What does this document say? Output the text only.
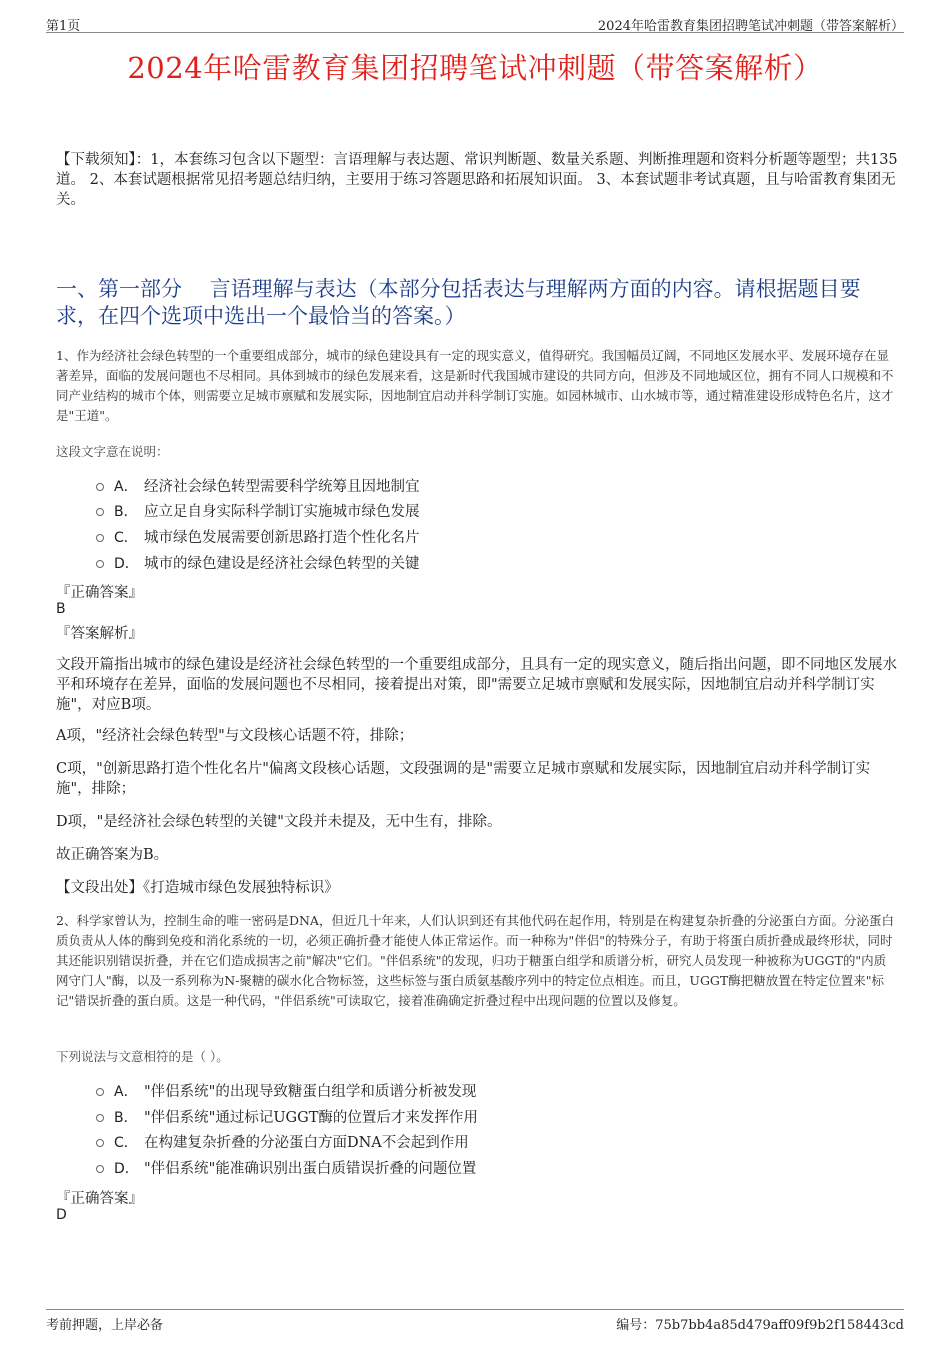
第1页	2024年哈雷教育集团招聘笔试冲刺题（带答案解析）
2024年哈雷教育集团招聘笔试冲刺题（带答案解析）
【下载须知】：1，本套练习包含以下题型：言语理解与表达题、常识判断题、数量关系题、判断推理题和资料分析题等题型；共135道。 2、本套试题根据常见招考题总结归纳，主要用于练习答题思路和拓展知识面。 3、本套试题非考试真题，且与哈雷教育集团无关。
一、第一部分　 言语理解与表达（本部分包括表达与理解两方面的内容。请根据题目要求，在四个选项中选出一个最恰当的答案。）
1、作为经济社会绿色转型的一个重要组成部分，城市的绿色建设具有一定的现实意义，值得研究。我国幅员辽阔，不同地区发展水平、发展环境存在显著差异，面临的发展问题也不尽相同。具体到城市的绿色发展来看，这是新时代我国城市建设的共同方向，但涉及不同地域区位，拥有不同人口规模和不同产业结构的城市个体，则需要立足城市禀赋和发展实际，因地制宜启动并科学制订实施。如园林城市、山水城市等，通过精准建设形成特色名片，这才是"王道"。
这段文字意在说明：
A． 经济社会绿色转型需要科学统筹且因地制宜
B． 应立足自身实际科学制订实施城市绿色发展
C． 城市绿色发展需要创新思路打造个性化名片
D． 城市的绿色建设是经济社会绿色转型的关键
『正确答案』
B
『答案解析』
文段开篇指出城市的绿色建设是经济社会绿色转型的一个重要组成部分，且具有一定的现实意义，随后指出问题，即不同地区发展水平和环境存在差异，面临的发展问题也不尽相同，接着提出对策，即"需要立足城市禀赋和发展实际，因地制宜启动并科学制订实施"，对应B项。
A项，"经济社会绿色转型"与文段核心话题不符，排除；
C项，"创新思路打造个性化名片"偏离文段核心话题，文段强调的是"需要立足城市禀赋和发展实际，因地制宜启动并科学制订实施"，排除；
D项，"是经济社会绿色转型的关键"文段并未提及，无中生有，排除。
故正确答案为B。
【文段出处】《打造城市绿色发展独特标识》
2、科学家曾认为，控制生命的唯一密码是DNA，但近几十年来，人们认识到还有其他代码在起作用，特别是在构建复杂折叠的分泌蛋白方面。分泌蛋白质负责从人体的酶到免疫和消化系统的一切，必须正确折叠才能使人体正常运作。而一种称为"伴侣"的特殊分子，有助于将蛋白质折叠成最终形状，同时其还能识别错误折叠，并在它们造成损害之前"解决"它们。"伴侣系统"的发现，归功于糖蛋白组学和质谱分析，研究人员发现一种被称为UGGT的"内质网守门人"酶，以及一系列称为N-聚糖的碳水化合物标签，这些标签与蛋白质氨基酸序列中的特定位点相连。而且，UGGT酶把糖放置在特定位置来"标记"错误折叠的蛋白质。这是一种代码，"伴侣系统"可读取它，接着准确确定折叠过程中出现问题的位置以及修复。
下列说法与文意相符的是（ ）。
A． "伴侣系统"的出现导致糖蛋白组学和质谱分析被发现
B． "伴侣系统"通过标记UGGT酶的位置后才来发挥作用
C． 在构建复杂折叠的分泌蛋白方面DNA不会起到作用
D． "伴侣系统"能准确识别出蛋白质错误折叠的问题位置
『正确答案』
D
考前押题，上岸必备	编号：75b7bb4a85d479aff09f9b2f158443cd
